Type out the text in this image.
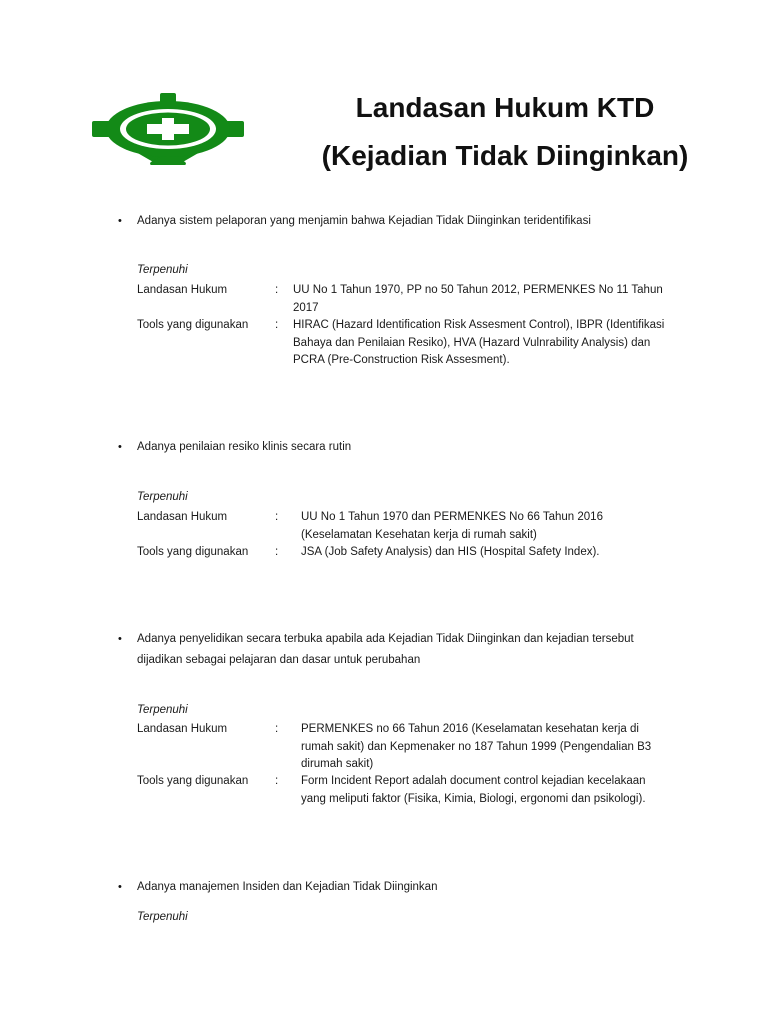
Landasan Hukum KTD
(Kejadian Tidak Diinginkan)
• Adanya sistem pelaporan yang menjamin bahwa Kejadian Tidak Diinginkan teridentifikasi
Terpenuhi
Landasan Hukum	: UU No 1 Tahun 1970, PP no 50 Tahun 2012, PERMENKES No 11 Tahun 2017
Tools yang digunakan	: HIRAC (Hazard Identification Risk Assesment Control), IBPR (Identifikasi Bahaya dan Penilaian Resiko), HVA (Hazard Vulnrability Analysis) dan PCRA (Pre-Construction Risk Assesment).
• Adanya penilaian resiko klinis secara rutin
Terpenuhi
Landasan Hukum	: UU No 1 Tahun 1970 dan PERMENKES No 66 Tahun 2016 (Keselamatan Kesehatan kerja di rumah sakit)
Tools yang digunakan	: JSA (Job Safety Analysis) dan HIS (Hospital Safety Index).
• Adanya penyelidikan secara terbuka apabila ada Kejadian Tidak Diinginkan dan kejadian tersebut dijadikan sebagai pelajaran dan dasar untuk perubahan
Terpenuhi
Landasan Hukum	: PERMENKES no 66 Tahun 2016 (Keselamatan kesehatan kerja di rumah sakit) dan Kepmenaker no 187 Tahun 1999 (Pengendalian B3 dirumah sakit)
Tools yang digunakan	: Form Incident Report adalah document control kejadian kecelakaan yang meliputi faktor (Fisika, Kimia, Biologi, ergonomi dan psikologi).
• Adanya manajemen Insiden dan Kejadian Tidak Diinginkan
Terpenuhi
